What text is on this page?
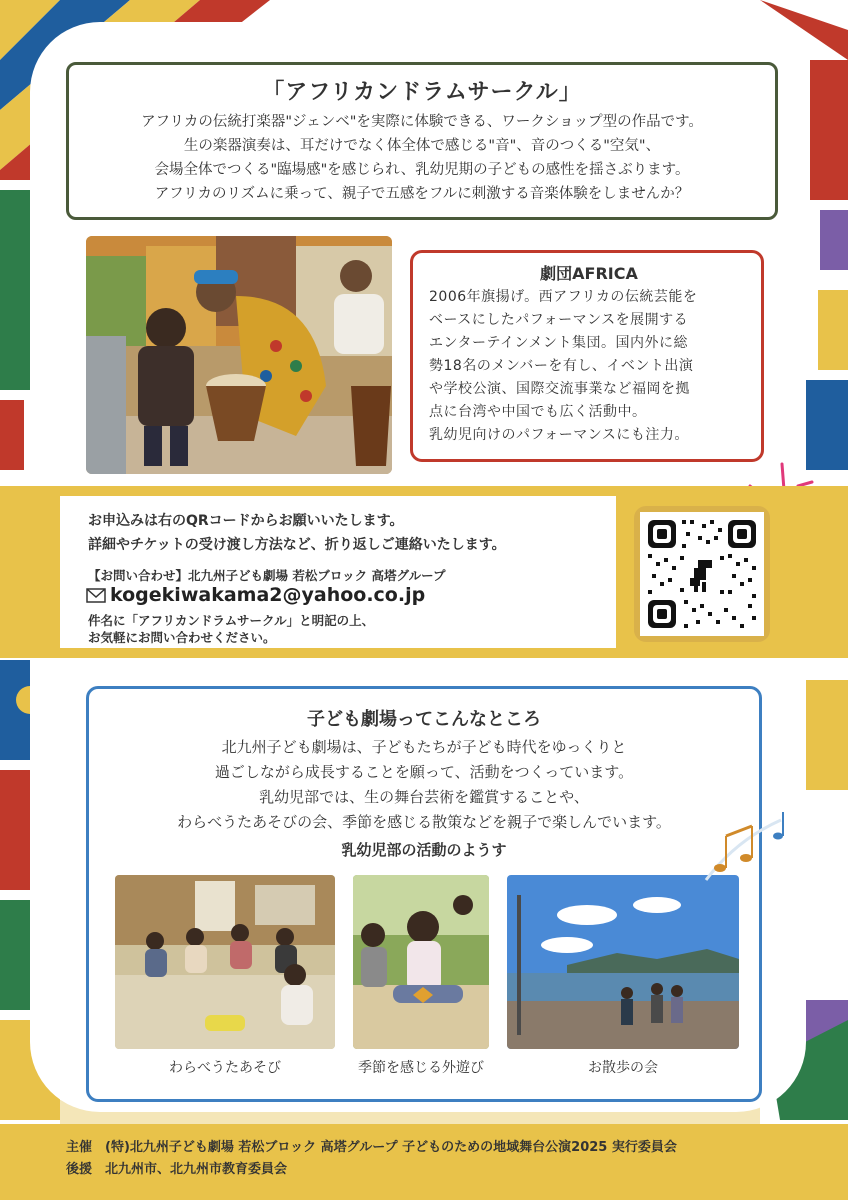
「アフリカンドラムサークル」

アフリカの伝統打楽器"ジェンベ"を実際に体験できる、ワークショップ型の作品です。

生の楽器演奏は、耳だけでなく体全体で感じる"音"、音のつくる"空気"、

会場全体でつくる"臨場感"を感じられ、乳幼児期の子どもの感性を揺さぶります。

アフリカのリズムに乗って、親子で五感をフルに刺激する音楽体験をしませんか？

劇団AFRICA

2006年旗揚げ。西アフリカの伝統芸能を

ベースにしたパフォーマンスを展開する

エンターテインメント集団。国内外に総

勢18名のメンバーを有し、イベント出演

や学校公演、国際交流事業など福岡を拠

点に台湾や中国でも広く活動中。

乳幼児向けのパフォーマンスにも注力。

お申込みは右のQRコードからお願いいたします。
詳細やチケットの受け渡し方法など、折り返しご連絡いたします。
【お問い合わせ】北九州子ども劇場 若松ブロック 高塔グループ
kogekiwakama2@yahoo.co.jp
件名に「アフリカンドラムサークル」と明記の上、
お気軽にお問い合わせください。
子ども劇場ってこんなところ

北九州子ども劇場は、子どもたちが子ども時代をゆっくりと

過ごしながら成長することを願って、活動をつくっています。

乳幼児部では、生の舞台芸術を鑑賞することや、

わらべうたあそびの会、季節を感じる散策などを親子で楽しんでいます。

乳幼児部の活動のようす
わらべうたあそび	季節を感じる外遊び	お散歩の会
主催　(特)北九州子ども劇場 若松ブロック 高塔グループ 子どものための地域舞台公演2025 実行委員会
後援　北九州市、北九州市教育委員会
